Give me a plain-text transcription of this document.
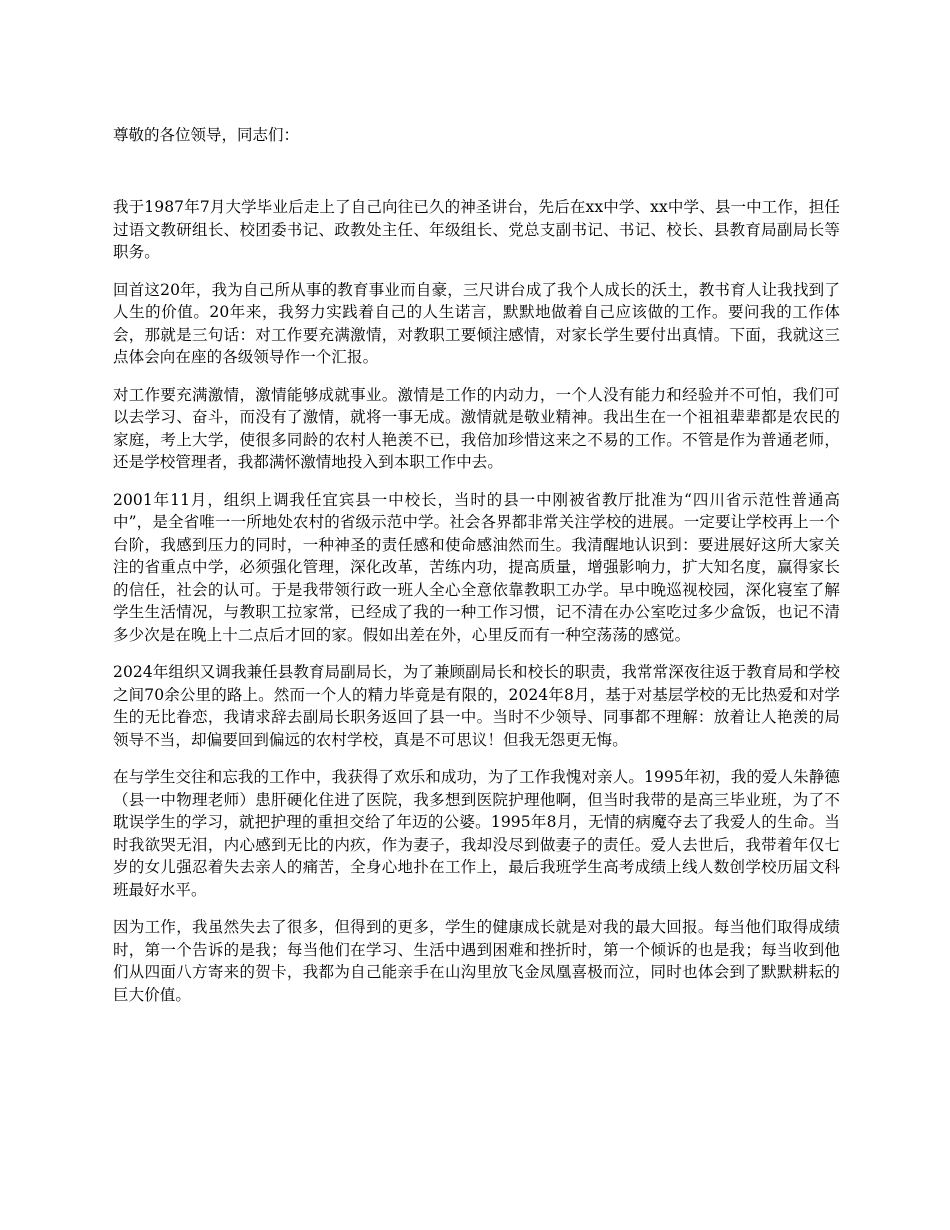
尊敬的各位领导，同志们：

我于1987年7月大学毕业后走上了自己向往已久的神圣讲台，先后在xx中学、xx中学、县一中工作，担任过语文教研组长、校团委书记、政教处主任、年级组长、党总支副书记、书记、校长、县教育局副局长等职务。

回首这20年，我为自己所从事的教育事业而自豪，三尺讲台成了我个人成长的沃土，教书育人让我找到了人生的价值。20年来，我努力实践着自己的人生诺言，默默地做着自己应该做的工作。要问我的工作体会，那就是三句话：对工作要充满激情，对教职工要倾注感情，对家长学生要付出真情。下面，我就这三点体会向在座的各级领导作一个汇报。

对工作要充满激情，激情能够成就事业。激情是工作的内动力，一个人没有能力和经验并不可怕，我们可以去学习、奋斗，而没有了激情，就将一事无成。激情就是敬业精神。我出生在一个祖祖辈辈都是农民的家庭，考上大学，使很多同龄的农村人艳羡不已，我倍加珍惜这来之不易的工作。不管是作为普通老师，还是学校管理者，我都满怀激情地投入到本职工作中去。

2001年11月，组织上调我任宜宾县一中校长，当时的县一中刚被省教厅批准为“四川省示范性普通高中”，是全省唯一一所地处农村的省级示范中学。社会各界都非常关注学校的进展。一定要让学校再上一个台阶，我感到压力的同时，一种神圣的责任感和使命感油然而生。我清醒地认识到：要进展好这所大家关注的省重点中学，必须强化管理，深化改革，苦练内功，提高质量，增强影响力，扩大知名度，赢得家长的信任，社会的认可。于是我带领行政一班人全心全意依靠教职工办学。早中晚巡视校园，深化寝室了解学生生活情况，与教职工拉家常，已经成了我的一种工作习惯，记不清在办公室吃过多少盒饭，也记不清多少次是在晚上十二点后才回的家。假如出差在外，心里反而有一种空荡荡的感觉。

2024年组织又调我兼任县教育局副局长，为了兼顾副局长和校长的职责，我常常深夜往返于教育局和学校之间70余公里的路上。然而一个人的精力毕竟是有限的，2024年8月，基于对基层学校的无比热爱和对学生的无比眷恋，我请求辞去副局长职务返回了县一中。当时不少领导、同事都不理解：放着让人艳羡的局领导不当，却偏要回到偏远的农村学校，真是不可思议！但我无怨更无悔。

在与学生交往和忘我的工作中，我获得了欢乐和成功，为了工作我愧对亲人。1995年初，我的爱人朱静德（县一中物理老师）患肝硬化住进了医院，我多想到医院护理他啊，但当时我带的是高三毕业班，为了不耽误学生的学习，就把护理的重担交给了年迈的公婆。1995年8月，无情的病魔夺去了我爱人的生命。当时我欲哭无泪，内心感到无比的内疚，作为妻子，我却没尽到做妻子的责任。爱人去世后，我带着年仅七岁的女儿强忍着失去亲人的痛苦，全身心地扑在工作上，最后我班学生高考成绩上线人数创学校历届文科班最好水平。

因为工作，我虽然失去了很多，但得到的更多，学生的健康成长就是对我的最大回报。每当他们取得成绩时，第一个告诉的是我；每当他们在学习、生活中遇到困难和挫折时，第一个倾诉的也是我；每当收到他们从四面八方寄来的贺卡，我都为自己能亲手在山沟里放飞金凤凰喜极而泣，同时也体会到了默默耕耘的巨大价值。
